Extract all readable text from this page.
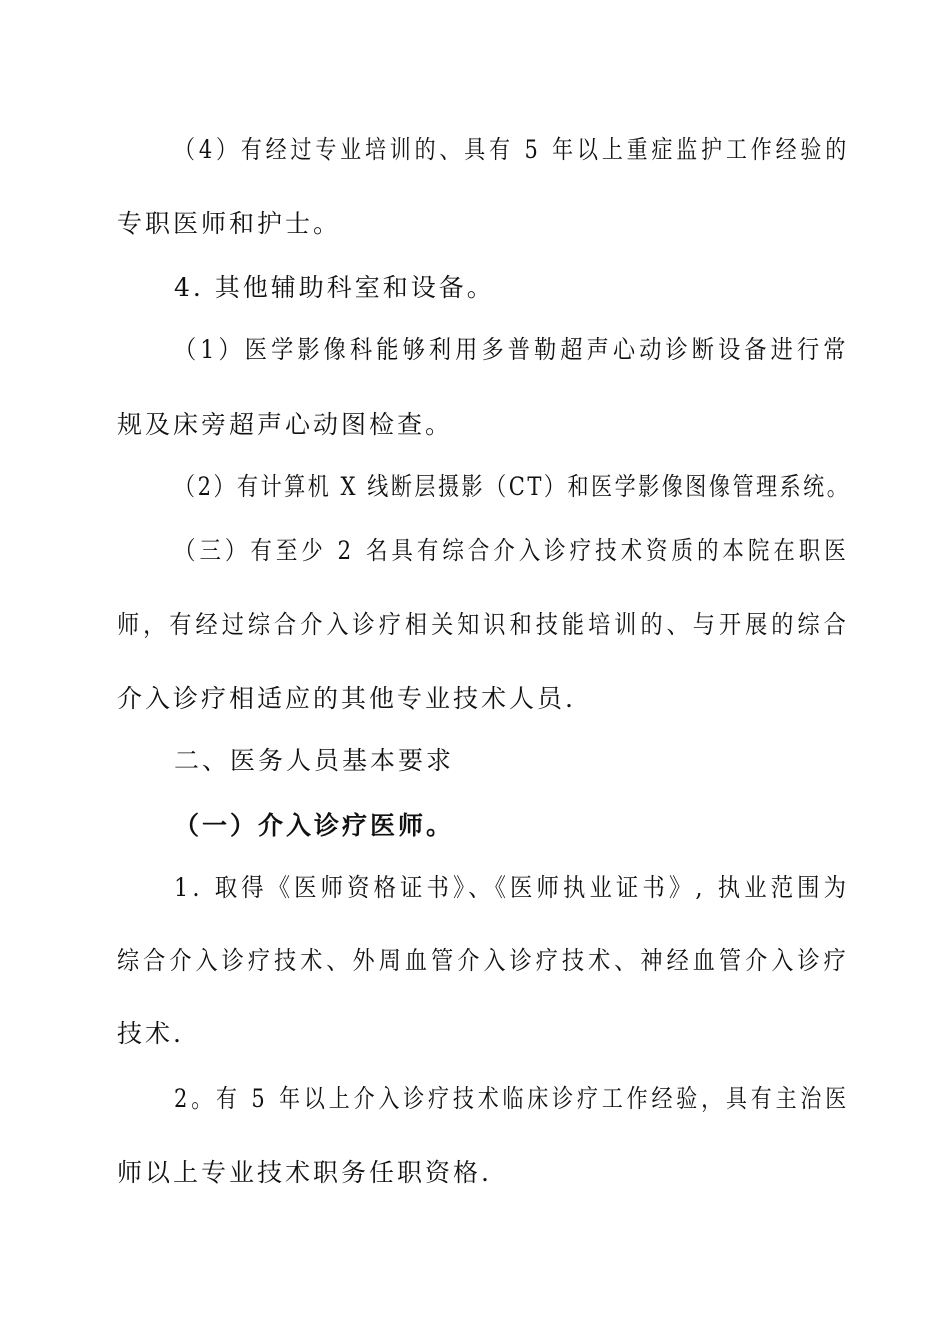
（4）有经过专业培训的、具有 5 年以上重症监护工作经验的
专职医师和护士。
4. 其他辅助科室和设备。
（1）医学影像科能够利用多普勒超声心动诊断设备进行常
规及床旁超声心动图检查。
（2）有计算机 X 线断层摄影（CT）和医学影像图像管理系统。
（三）有至少 2 名具有综合介入诊疗技术资质的本院在职医
师，有经过综合介入诊疗相关知识和技能培训的、与开展的综合
介入诊疗相适应的其他专业技术人员.
二、医务人员基本要求
（一）介入诊疗医师。
1. 取得《医师资格证书》、《医师执业证书》, 执业范围为
综合介入诊疗技术、外周血管介入诊疗技术、神经血管介入诊疗
技术.
2。有 5 年以上介入诊疗技术临床诊疗工作经验，具有主治医
师以上专业技术职务任职资格.
